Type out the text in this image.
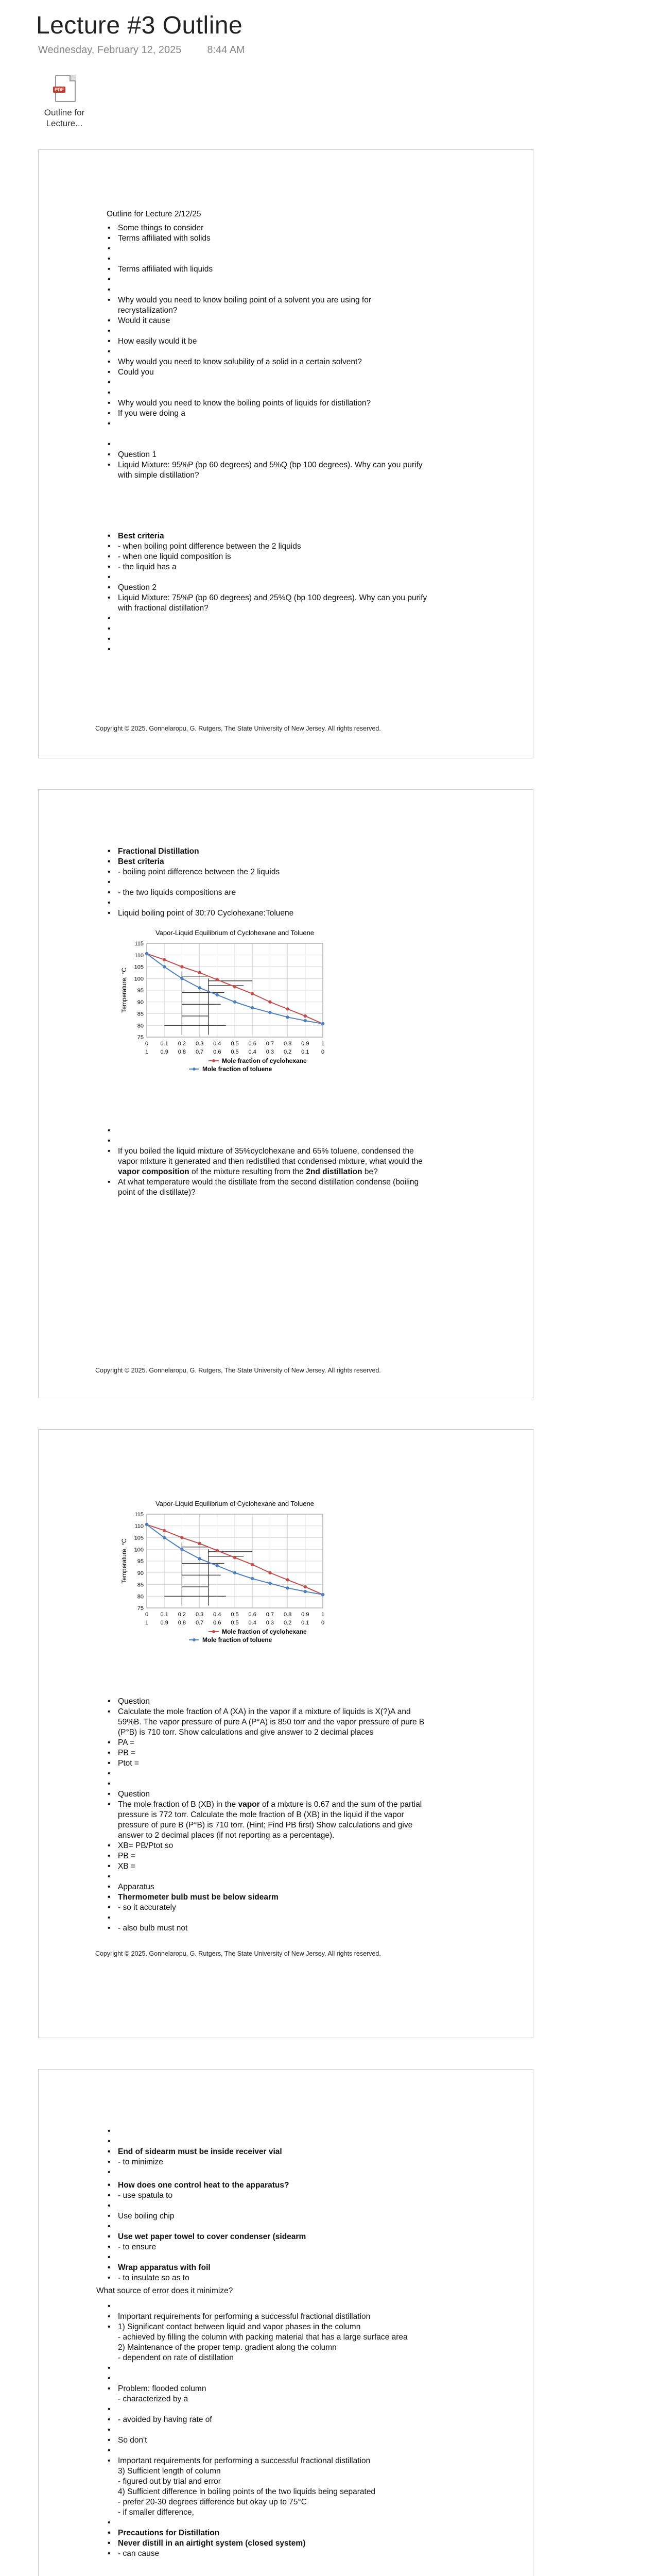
Lecture #3 Outline
Wednesday, February 12, 2025	8:44 AM
PDF
Outline for
Lecture...
Outline for Lecture 2/12/25
• Some things to consider
• Terms affiliated with solids
• Terms affiliated with liquids
• Why would you need to know boiling point of a solvent you are using for
recrystallization?
• Would it cause
• How easily would it be
• Why would you need to know solubility of a solid in a certain solvent?
• Could you
• Why would you need to know the boiling points of liquids for distillation?
• If you were doing a
• Question 1
• Liquid Mixture: 95%P (bp 60 degrees) and 5%Q (bp 100 degrees). Why can you purify
with simple distillation?
• Best criteria
• - when boiling point difference between the 2 liquids
• - when one liquid composition is
• - the liquid has a
• Question 2
• Liquid Mixture: 75%P (bp 60 degrees) and 25%Q (bp 100 degrees). Why can you purify
with fractional distillation?
Copyright © 2025. Gonnelaropu, G. Rutgers, The State University of New Jersey. All rights reserved.
• Fractional Distillation
• Best criteria
• - boiling point difference between the 2 liquids
• - the two liquids compositions are
• Liquid boiling point of 30:70 Cyclohexane:Toluene
Vapor-Liquid Equilibrium of Cyclohexane and Toluene
75
80
85
90
95
100
105
110
115
0
1
0.1
0.9
0.2
0.8
0.3
0.7
0.4
0.6
0.5
0.5
0.6
0.4
0.7
0.3
0.8
0.2
0.9
0.1
1
0
Temperature, °C
Mole fraction of cyclohexane
Mole fraction of toluene
• If you boiled the liquid mixture of 35%cyclohexane and 65% toluene, condensed the
vapor mixture it generated and then redistilled that condensed mixture, what would the
vapor composition of the mixture resulting from the 2nd distillation be?
• At what temperature would the distillate from the second distillation condense (boiling
point of the distillate)?
Copyright © 2025. Gonnelaropu, G. Rutgers, The State University of New Jersey. All rights reserved.
Vapor-Liquid Equilibrium of Cyclohexane and Toluene
75
80
85
90
95
100
105
110
115
0
1
0.1
0.9
0.2
0.8
0.3
0.7
0.4
0.6
0.5
0.5
0.6
0.4
0.7
0.3
0.8
0.2
0.9
0.1
1
0
Temperature, °C
Mole fraction of cyclohexane
Mole fraction of toluene
• Question
• Calculate the mole fraction of A (XA) in the vapor if a mixture of liquids is X(?)A and
59%B. The vapor pressure of pure A (P°A) is 850 torr and the vapor pressure of pure B
(P°B) is 710 torr. Show calculations and give answer to 2 decimal places
• PA =
• PB =
• Ptot =
• Question
• The mole fraction of B (XB) in the vapor of a mixture is 0.67 and the sum of the partial
pressure is 772 torr. Calculate the mole fraction of B (XB) in the liquid if the vapor
pressure of pure B (P°B) is 710 torr. (Hint; Find PB first) Show calculations and give
answer to 2 decimal places (if not reporting as a percentage).
• XB= PB/Ptot so
• PB =
• XB =
• Apparatus
• Thermometer bulb must be below sidearm
• - so it accurately
• - also bulb must not
Copyright © 2025. Gonnelaropu, G. Rutgers, The State University of New Jersey. All rights reserved.
• End of sidearm must be inside receiver vial
• - to minimize
• How does one control heat to the apparatus?
• - use spatula to
• Use boiling chip
• Use wet paper towel to cover condenser (sidearm
• - to ensure
• Wrap apparatus with foil
• - to insulate so as to
What source of error does it minimize?
• Important requirements for performing a successful fractional distillation
• 1) Significant contact between liquid and vapor phases in the column
- achieved by filling the column with packing material that has a large surface area
2) Maintenance of the proper temp. gradient along the column
- dependent on rate of distillation
• Problem: flooded column
- characterized by a
• - avoided by having rate of
• So don't
• Important requirements for performing a successful fractional distillation
3) Sufficient length of column
- figured out by trial and error
4) Sufficient difference in boiling points of the two liquids being separated
- prefer 20-30 degrees difference but okay up to 75°C
- if smaller difference,
• Precautions for Distillation
• Never distill in an airtight system (closed system)
• - can cause
